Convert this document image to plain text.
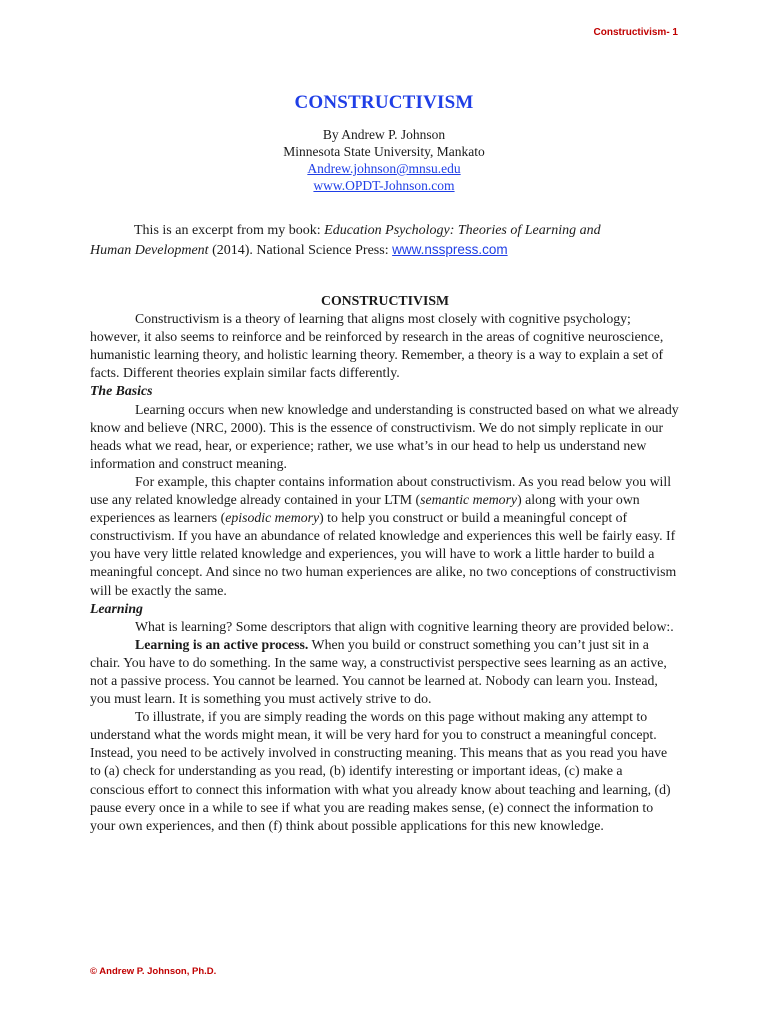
Constructivism- 1
CONSTRUCTIVISM
By Andrew P. Johnson
Minnesota State University, Mankato
Andrew.johnson@mnsu.edu
www.OPDT-Johnson.com
This is an excerpt from my book: Education Psychology: Theories of Learning and
Human Development (2014). National Science Press: www.nsspress.com

CONSTRUCTIVISM

Constructivism is a theory of learning that aligns most closely with cognitive psychology; however, it also seems to reinforce and be reinforced by research in the areas of cognitive neuroscience, humanistic learning theory, and holistic learning theory. Remember, a theory is a way to explain a set of facts. Different theories explain similar facts differently.

The Basics

Learning occurs when new knowledge and understanding is constructed based on what we already know and believe (NRC, 2000). This is the essence of constructivism. We do not simply replicate in our heads what we read, hear, or experience; rather, we use what’s in our head to help us understand new information and construct meaning.

For example, this chapter contains information about constructivism. As you read below you will use any related knowledge already contained in your LTM (semantic memory) along with your own experiences as learners (episodic memory) to help you construct or build a meaningful concept of constructivism. If you have an abundance of related knowledge and experiences this well be fairly easy. If you have very little related knowledge and experiences, you will have to work a little harder to build a meaningful concept. And since no two human experiences are alike, no two conceptions of constructivism will be exactly the same.

Learning

What is learning? Some descriptors that align with cognitive learning theory are provided below:.

Learning is an active process. When you build or construct something you can’t just sit in a chair. You have to do something. In the same way, a constructivist perspective sees learning as an active, not a passive process. You cannot be learned. You cannot be learned at. Nobody can learn you. Instead, you must learn. It is something you must actively strive to do.

To illustrate, if you are simply reading the words on this page without making any attempt to understand what the words might mean, it will be very hard for you to construct a meaningful concept. Instead, you need to be actively involved in constructing meaning. This means that as you read you have to (a) check for understanding as you read, (b) identify interesting or important ideas, (c) make a conscious effort to connect this information with what you already know about teaching and learning, (d) pause every once in a while to see if what you are reading makes sense, (e) connect the information to your own experiences, and then (f) think about possible applications for this new knowledge.

© Andrew P. Johnson, Ph.D.
